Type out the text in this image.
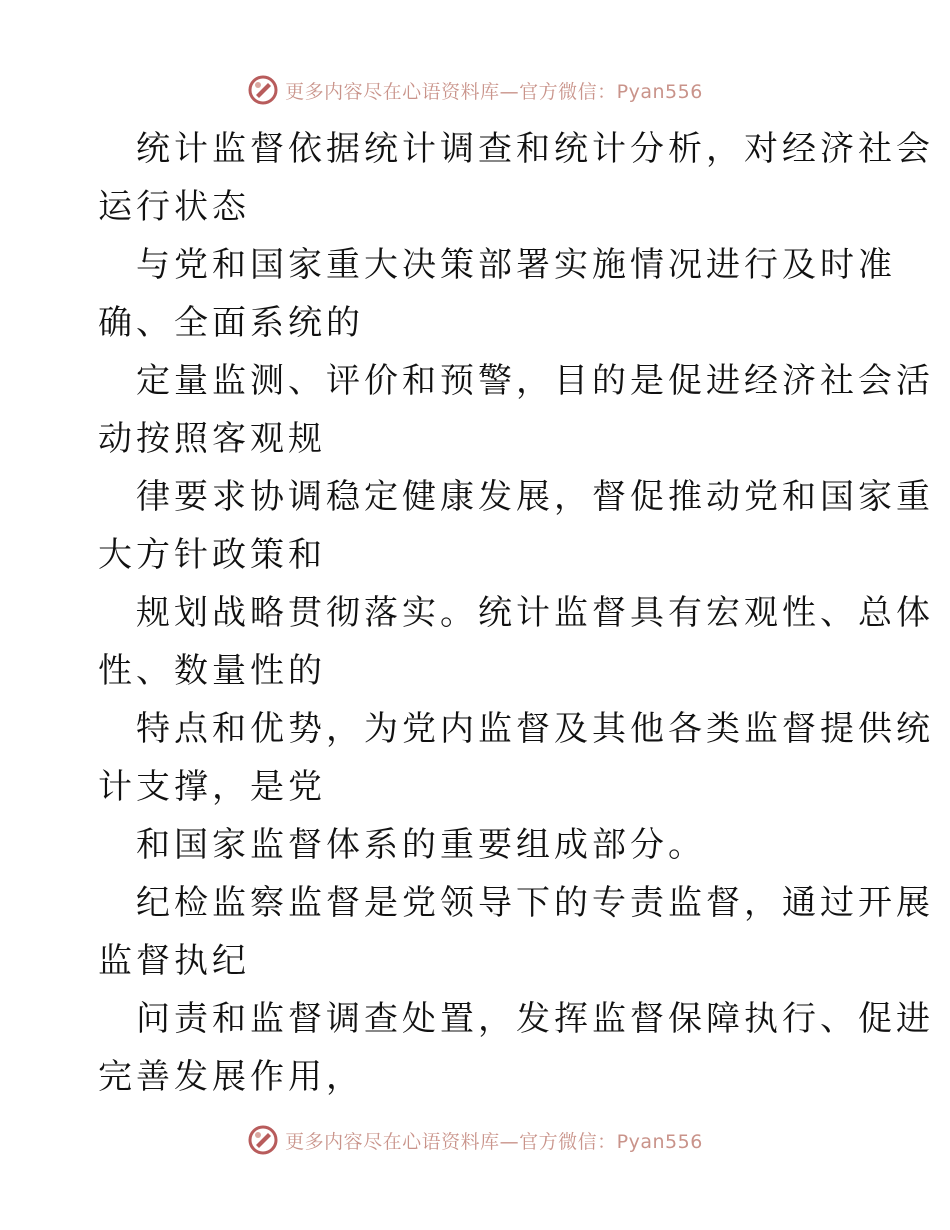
更多内容尽在心语资料库—官方微信：Pyan556
统计监督依据统计调查和统计分析，对经济社会
运行状态
与党和国家重大决策部署实施情况进行及时准
确、全面系统的
定量监测、评价和预警，目的是促进经济社会活
动按照客观规
律要求协调稳定健康发展，督促推动党和国家重
大方针政策和
规划战略贯彻落实。统计监督具有宏观性、总体
性、数量性的
特点和优势，为党内监督及其他各类监督提供统
计支撑，是党
和国家监督体系的重要组成部分。
纪检监察监督是党领导下的专责监督，通过开展
监督执纪
问责和监督调查处置，发挥监督保障执行、促进
完善发展作用，
更多内容尽在心语资料库—官方微信：Pyan556
